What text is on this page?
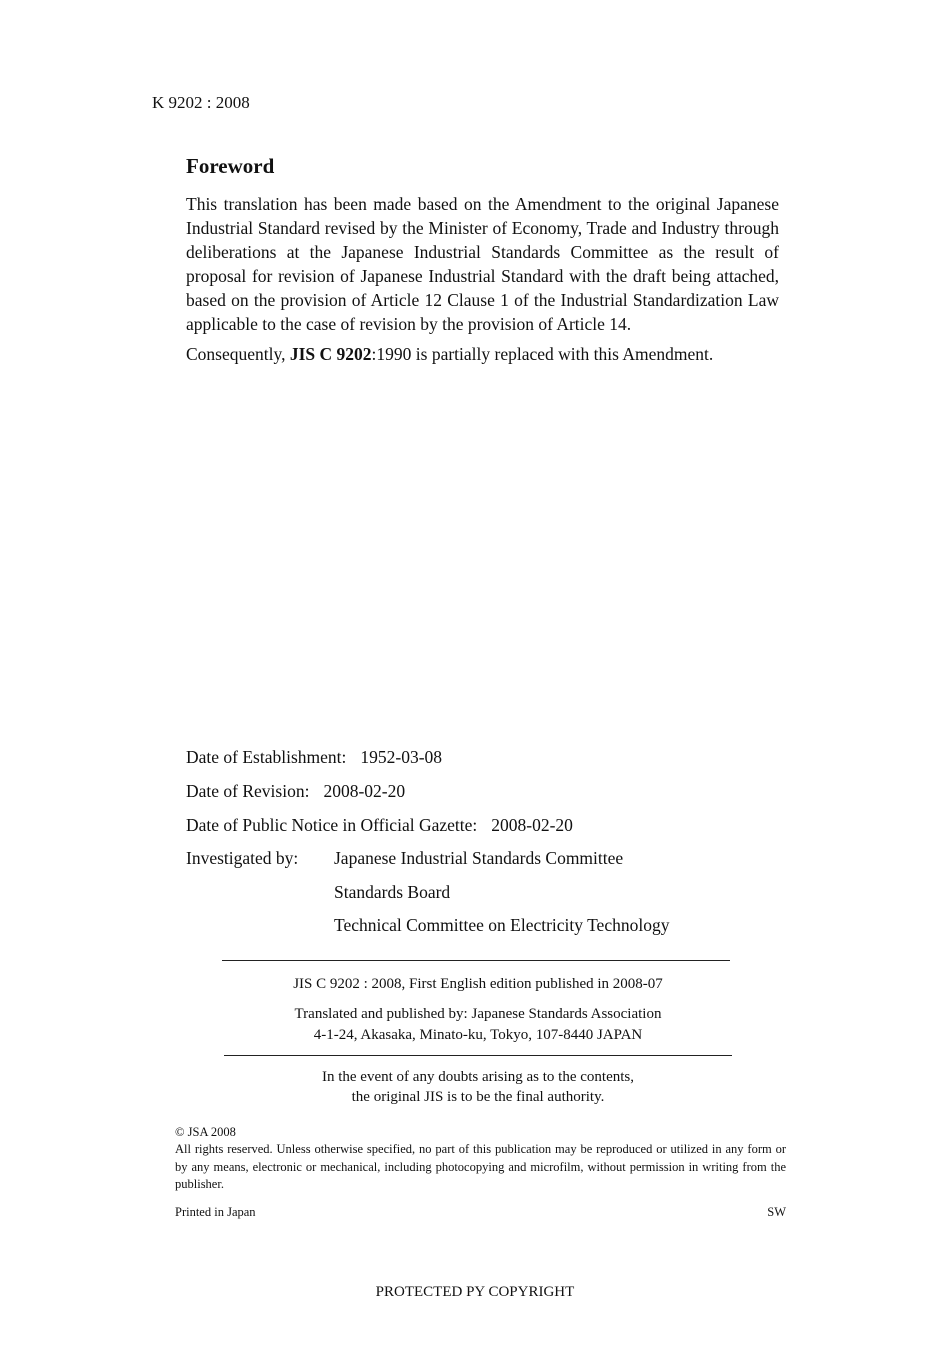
K 9202 : 2008
Foreword

This translation has been made based on the Amendment to the original Japanese Industrial Standard revised by the Minister of Economy, Trade and Industry through deliberations at the Japanese Industrial Standards Committee as the result of proposal for revision of Japanese Industrial Standard with the draft being attached, based on the provision of Article 12 Clause 1 of the Industrial Standardization Law applicable to the case of revision by the provision of Article 14.

Consequently, JIS C 9202:1990 is partially replaced with this Amendment.

Date of Establishment: 1952-03-08
Date of Revision: 2008-02-20
Date of Public Notice in Official Gazette: 2008-02-20
Investigated by: Japanese Industrial Standards Committee
Standards Board
Technical Committee on Electricity Technology
JIS C 9202 : 2008, First English edition published in 2008-07
Translated and published by: Japanese Standards Association
4-1-24, Akasaka, Minato-ku, Tokyo, 107-8440 JAPAN
In the event of any doubts arising as to the contents,
the original JIS is to be the final authority.
© JSA 2008
All rights reserved. Unless otherwise specified, no part of this publication may be reproduced or utilized in any form or by any means, electronic or mechanical, including photocopying and microfilm, without permission in writing from the publisher.
Printed in Japan	SW
PROTECTED PY COPYRIGHT
